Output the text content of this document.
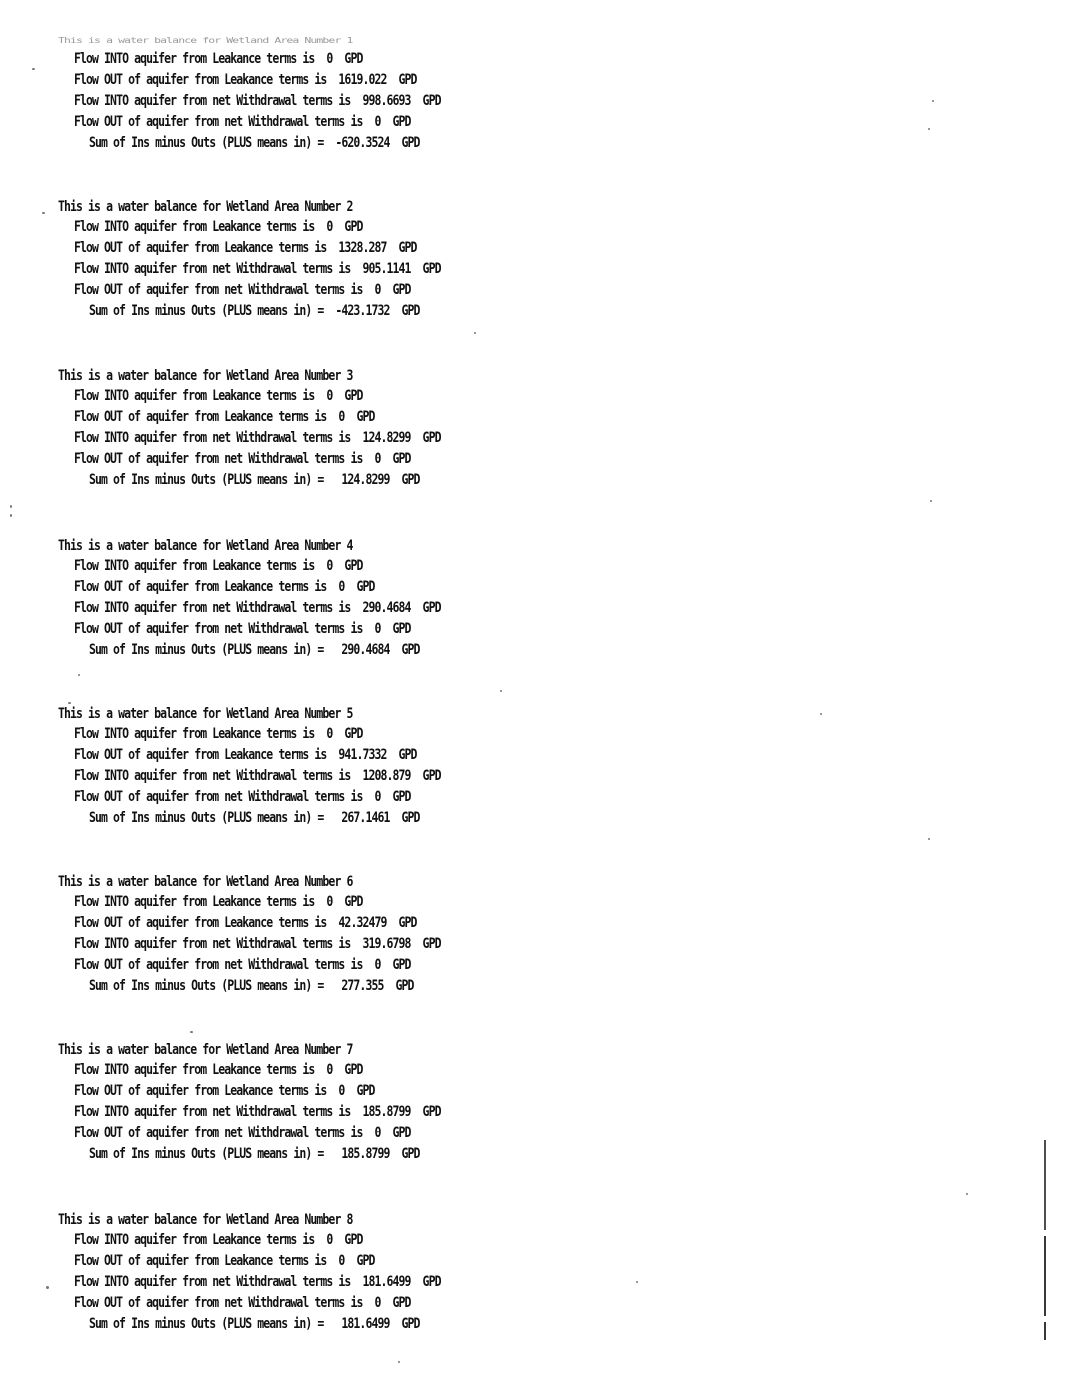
This is a water balance for Wetland Area Number 1
Flow INTO aquifer from Leakance terms is  0  GPD
Flow OUT of aquifer from Leakance terms is  1619.022  GPD
Flow INTO aquifer from net Withdrawal terms is  998.6693  GPD
Flow OUT of aquifer from net Withdrawal terms is  0  GPD
Sum of Ins minus Outs (PLUS means in) =  -620.3524  GPD
This is a water balance for Wetland Area Number 2
Flow INTO aquifer from Leakance terms is  0  GPD
Flow OUT of aquifer from Leakance terms is  1328.287  GPD
Flow INTO aquifer from net Withdrawal terms is  905.1141  GPD
Flow OUT of aquifer from net Withdrawal terms is  0  GPD
Sum of Ins minus Outs (PLUS means in) =  -423.1732  GPD
This is a water balance for Wetland Area Number 3
Flow INTO aquifer from Leakance terms is  0  GPD
Flow OUT of aquifer from Leakance terms is  0  GPD
Flow INTO aquifer from net Withdrawal terms is  124.8299  GPD
Flow OUT of aquifer from net Withdrawal terms is  0  GPD
Sum of Ins minus Outs (PLUS means in) =   124.8299  GPD
This is a water balance for Wetland Area Number 4
Flow INTO aquifer from Leakance terms is  0  GPD
Flow OUT of aquifer from Leakance terms is  0  GPD
Flow INTO aquifer from net Withdrawal terms is  290.4684  GPD
Flow OUT of aquifer from net Withdrawal terms is  0  GPD
Sum of Ins minus Outs (PLUS means in) =   290.4684  GPD
This is a water balance for Wetland Area Number 5
Flow INTO aquifer from Leakance terms is  0  GPD
Flow OUT of aquifer from Leakance terms is  941.7332  GPD
Flow INTO aquifer from net Withdrawal terms is  1208.879  GPD
Flow OUT of aquifer from net Withdrawal terms is  0  GPD
Sum of Ins minus Outs (PLUS means in) =   267.1461  GPD
This is a water balance for Wetland Area Number 6
Flow INTO aquifer from Leakance terms is  0  GPD
Flow OUT of aquifer from Leakance terms is  42.32479  GPD
Flow INTO aquifer from net Withdrawal terms is  319.6798  GPD
Flow OUT of aquifer from net Withdrawal terms is  0  GPD
Sum of Ins minus Outs (PLUS means in) =   277.355  GPD
This is a water balance for Wetland Area Number 7
Flow INTO aquifer from Leakance terms is  0  GPD
Flow OUT of aquifer from Leakance terms is  0  GPD
Flow INTO aquifer from net Withdrawal terms is  185.8799  GPD
Flow OUT of aquifer from net Withdrawal terms is  0  GPD
Sum of Ins minus Outs (PLUS means in) =   185.8799  GPD
This is a water balance for Wetland Area Number 8
Flow INTO aquifer from Leakance terms is  0  GPD
Flow OUT of aquifer from Leakance terms is  0  GPD
Flow INTO aquifer from net Withdrawal terms is  181.6499  GPD
Flow OUT of aquifer from net Withdrawal terms is  0  GPD
Sum of Ins minus Outs (PLUS means in) =   181.6499  GPD
